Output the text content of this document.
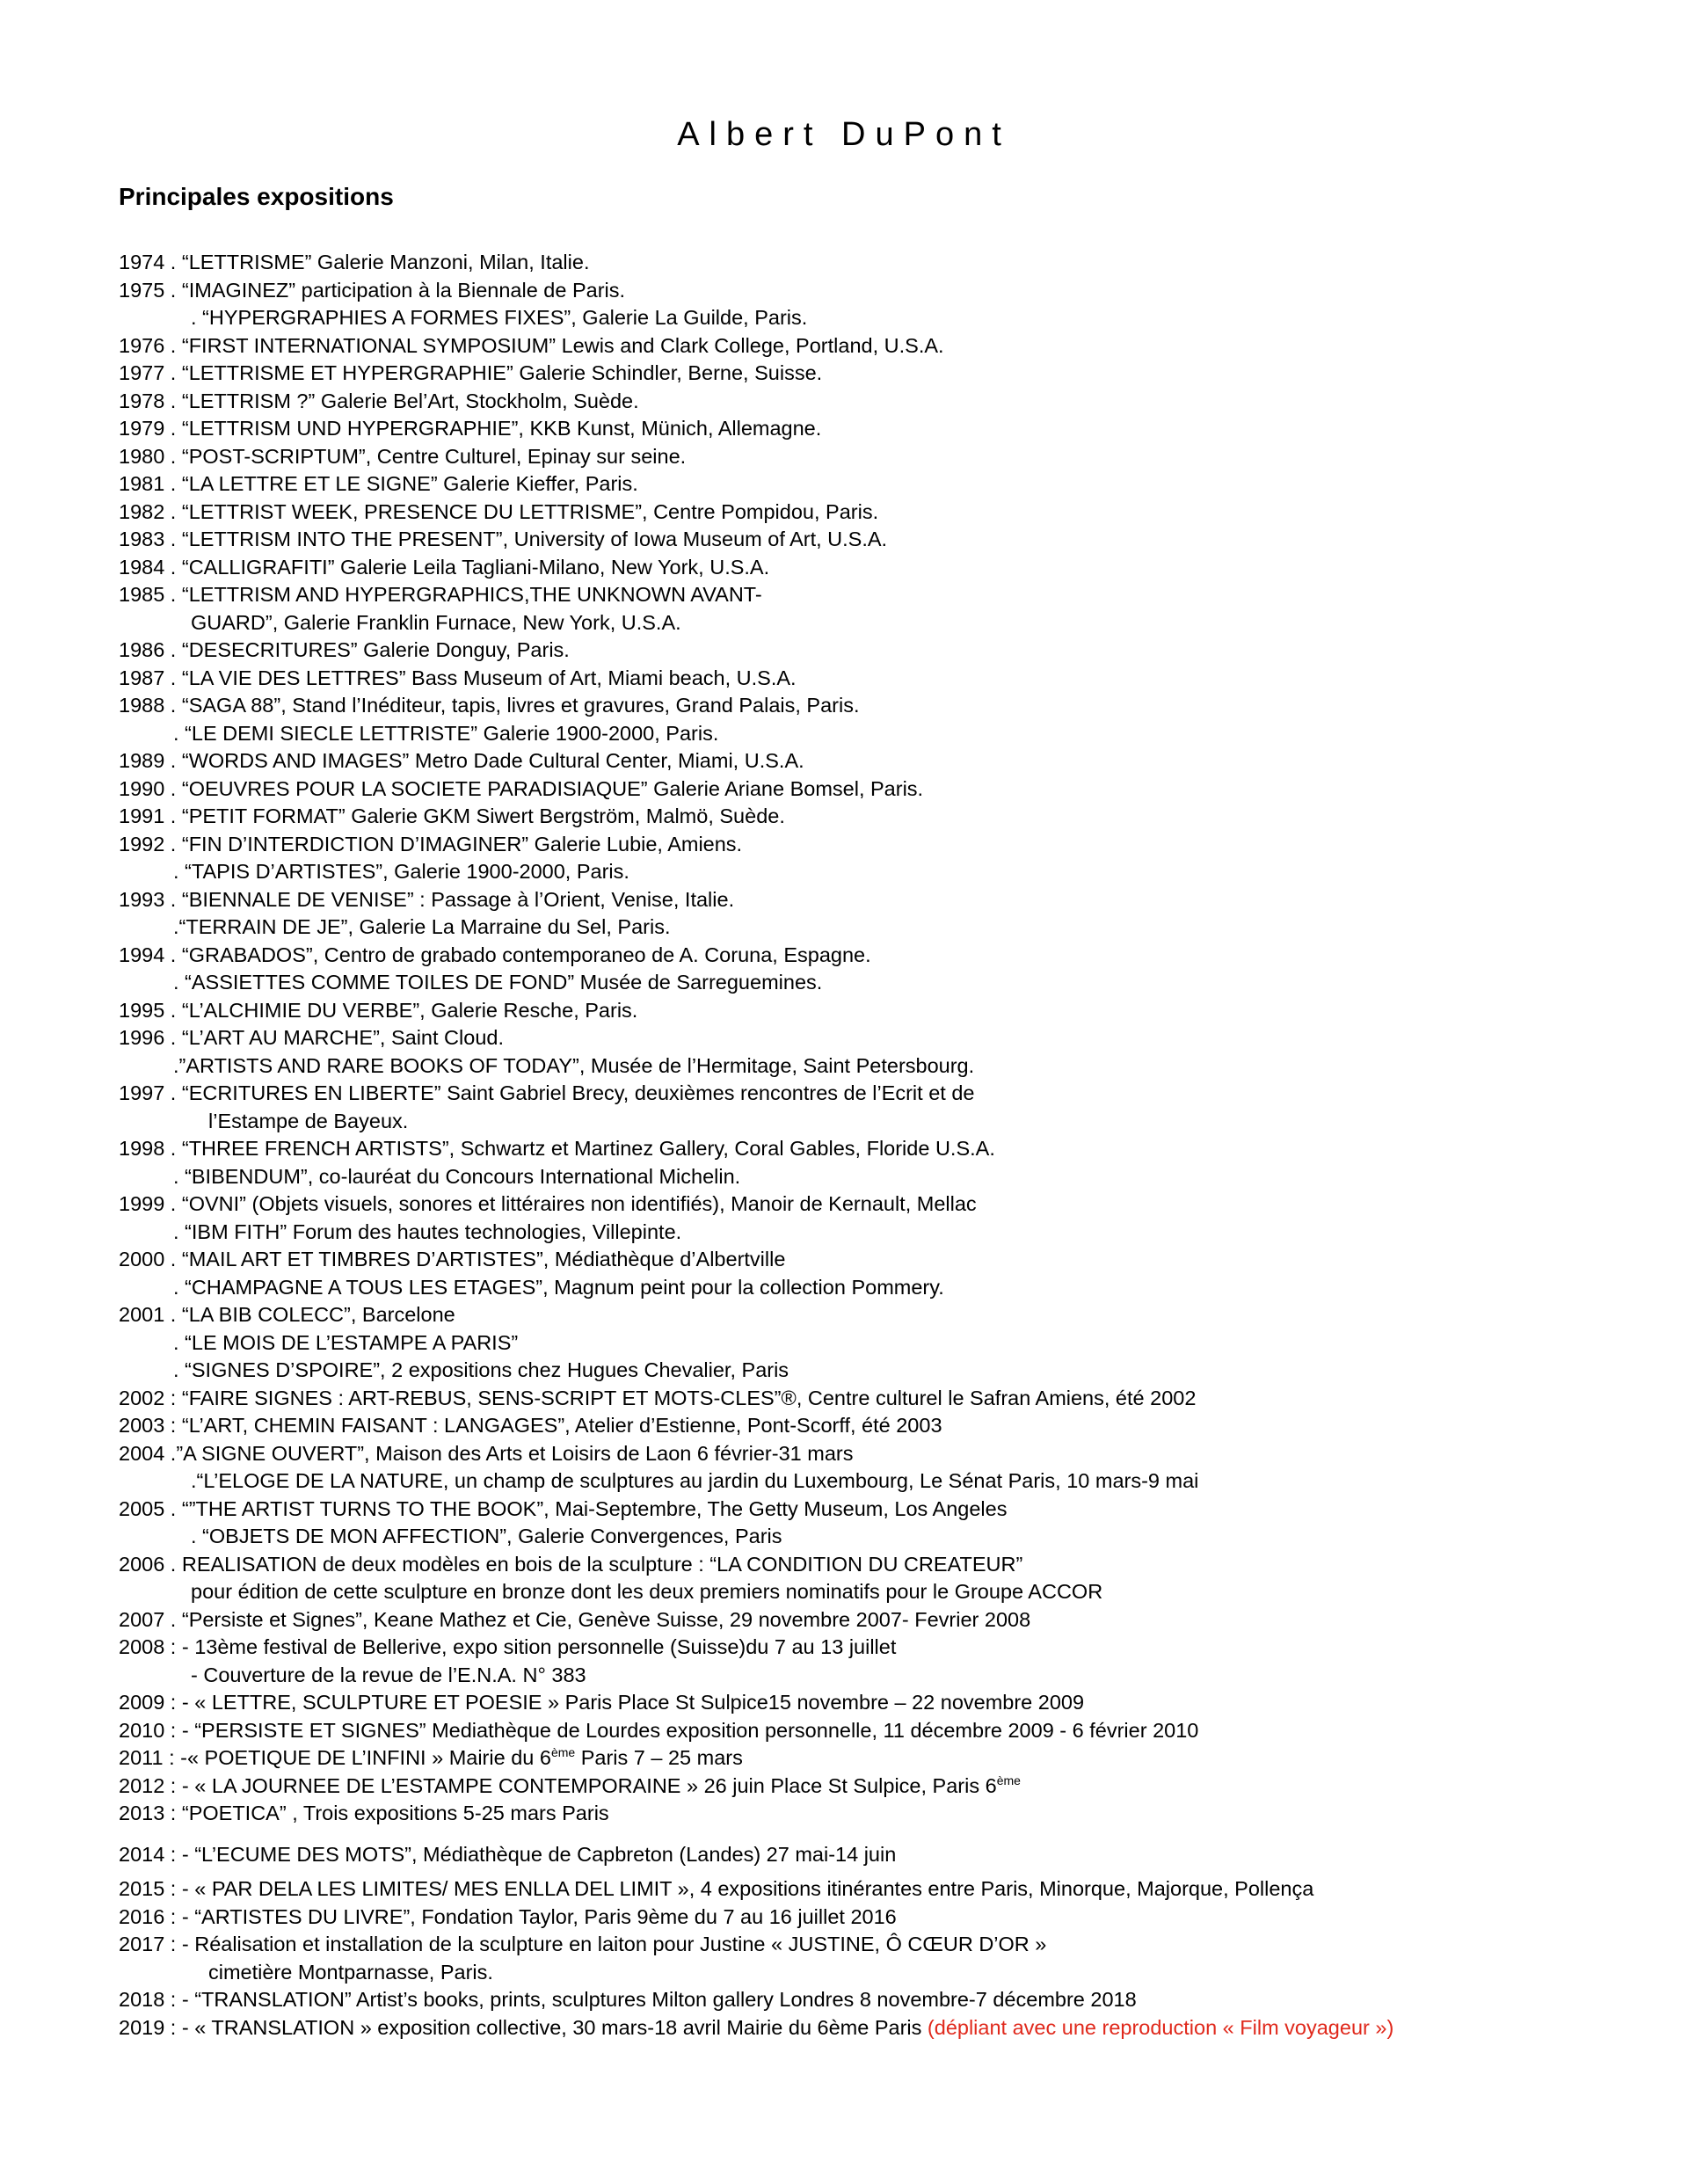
Albert DuPont
Principales expositions
1974 . “LETTRISME” Galerie Manzoni, Milan, Italie.
1975 . “IMAGINEZ” participation à la Biennale de Paris.
. “HYPERGRAPHIES A FORMES FIXES”, Galerie La Guilde, Paris.
1976 . “FIRST INTERNATIONAL SYMPOSIUM” Lewis and Clark College, Portland, U.S.A.
1977 . “LETTRISME ET HYPERGRAPHIE” Galerie Schindler, Berne, Suisse.
1978 . “LETTRISM ?” Galerie Bel’Art, Stockholm, Suède.
1979 . “LETTRISM UND HYPERGRAPHIE”, KKB Kunst, Münich, Allemagne.
1980 . “POST-SCRIPTUM”, Centre Culturel, Epinay sur seine.
1981 . “LA LETTRE ET LE SIGNE” Galerie Kieffer, Paris.
1982 . “LETTRIST WEEK, PRESENCE DU LETTRISME”, Centre Pompidou, Paris.
1983 . “LETTRISM INTO THE PRESENT”, University of Iowa Museum of Art, U.S.A.
1984 . “CALLIGRAFITI” Galerie Leila Tagliani-Milano, New York, U.S.A.
1985 . “LETTRISM AND HYPERGRAPHICS,THE UNKNOWN AVANT-
GUARD”, Galerie Franklin Furnace, New York, U.S.A.
1986 . “DESECRITURES” Galerie Donguy, Paris.
1987 . “LA VIE DES LETTRES” Bass Museum of Art, Miami beach, U.S.A.
1988 . “SAGA 88”, Stand l’Inéditeur, tapis, livres et gravures, Grand Palais, Paris.
. “LE DEMI SIECLE LETTRISTE” Galerie 1900-2000, Paris.
1989 . “WORDS AND IMAGES” Metro Dade Cultural Center, Miami, U.S.A.
1990 . “OEUVRES POUR LA SOCIETE PARADISIAQUE” Galerie Ariane Bomsel, Paris.
1991 . “PETIT FORMAT” Galerie GKM Siwert Bergström, Malmö, Suède.
1992 . “FIN D’INTERDICTION D’IMAGINER” Galerie Lubie, Amiens.
. “TAPIS D’ARTISTES”, Galerie 1900-2000, Paris.
1993 . “BIENNALE DE VENISE” : Passage à l’Orient, Venise, Italie.
.“TERRAIN DE JE”, Galerie La Marraine du Sel, Paris.
1994 . “GRABADOS”, Centro de grabado contemporaneo de A. Coruna, Espagne.
. “ASSIETTES COMME TOILES DE FOND” Musée de Sarreguemines.
1995 . “L’ALCHIMIE DU VERBE”, Galerie Resche, Paris.
1996 . “L’ART AU MARCHE”, Saint Cloud.
.”ARTISTS AND RARE BOOKS OF TODAY”, Musée de l’Hermitage, Saint Petersbourg.
1997 . “ECRITURES EN LIBERTE” Saint Gabriel Brecy, deuxièmes rencontres de l’Ecrit et de
l’Estampe de Bayeux.
1998 . “THREE FRENCH ARTISTS”, Schwartz et Martinez Gallery, Coral Gables, Floride U.S.A.
. “BIBENDUM”, co-lauréat du Concours International Michelin.
1999 . “OVNI” (Objets visuels, sonores et littéraires non identifiés), Manoir de Kernault, Mellac
. “IBM FITH” Forum des hautes technologies, Villepinte.
2000 . “MAIL ART ET TIMBRES D’ARTISTES”, Médiathèque d’Albertville
. “CHAMPAGNE A TOUS LES ETAGES”, Magnum peint pour la collection Pommery.
2001 . “LA BIB COLECC”, Barcelone
. “LE MOIS DE L’ESTAMPE A PARIS”
. “SIGNES D’SPOIRE”, 2 expositions chez Hugues Chevalier, Paris
2002 : “FAIRE SIGNES : ART-REBUS, SENS-SCRIPT ET MOTS-CLES”®, Centre culturel le Safran Amiens, été 2002
2003 : “L’ART, CHEMIN FAISANT : LANGAGES”, Atelier d’Estienne, Pont-Scorff, été 2003
2004 .”A SIGNE OUVERT”, Maison des Arts et Loisirs de Laon 6 février-31 mars
.“L’ELOGE DE LA NATURE, un champ de sculptures au jardin du Luxembourg, Le Sénat Paris, 10 mars-9 mai
2005 . “”THE ARTIST TURNS TO THE BOOK”, Mai-Septembre, The Getty Museum, Los Angeles
. “OBJETS DE MON AFFECTION”, Galerie Convergences, Paris
2006 . REALISATION de deux modèles en bois de la sculpture : “LA CONDITION DU CREATEUR”
pour édition de cette sculpture en bronze dont les deux premiers nominatifs pour le Groupe ACCOR
2007 . “Persiste et Signes”, Keane Mathez et Cie, Genève Suisse, 29 novembre 2007- Fevrier 2008
2008 : - 13ème festival de Bellerive, expo sition personnelle (Suisse)du 7 au 13 juillet
- Couverture de la revue de l’E.N.A. N° 383
2009 : - « LETTRE, SCULPTURE ET POESIE » Paris Place St Sulpice15 novembre – 22 novembre 2009
2010 : - “PERSISTE ET SIGNES” Mediathèque de Lourdes exposition personnelle, 11 décembre 2009 - 6 février 2010
2011 : -« POETIQUE DE L’INFINI » Mairie du 6ème Paris 7 – 25 mars
2012 : - « LA JOURNEE DE L’ESTAMPE CONTEMPORAINE » 26 juin Place St Sulpice, Paris 6ème
2013 : “POETICA” , Trois expositions 5-25 mars Paris
2014 : - “L’ECUME DES MOTS”, Médiathèque de Capbreton (Landes) 27 mai-14 juin
2015 : - « PAR DELA LES LIMITES/ MES ENLLA DEL LIMIT », 4 expositions itinérantes entre Paris, Minorque, Majorque, Pollença
2016 : - “ARTISTES DU LIVRE”, Fondation Taylor, Paris 9ème du 7 au 16 juillet 2016
2017 : - Réalisation et installation de la sculpture en laiton pour Justine « JUSTINE, Ô CŒUR D’OR »
cimetière Montparnasse, Paris.
2018 : - “TRANSLATION” Artist’s books, prints, sculptures Milton gallery Londres 8 novembre-7 décembre 2018
2019 : - « TRANSLATION » exposition collective, 30 mars-18 avril Mairie du 6ème Paris (dépliant avec une reproduction « Film voyageur »)
